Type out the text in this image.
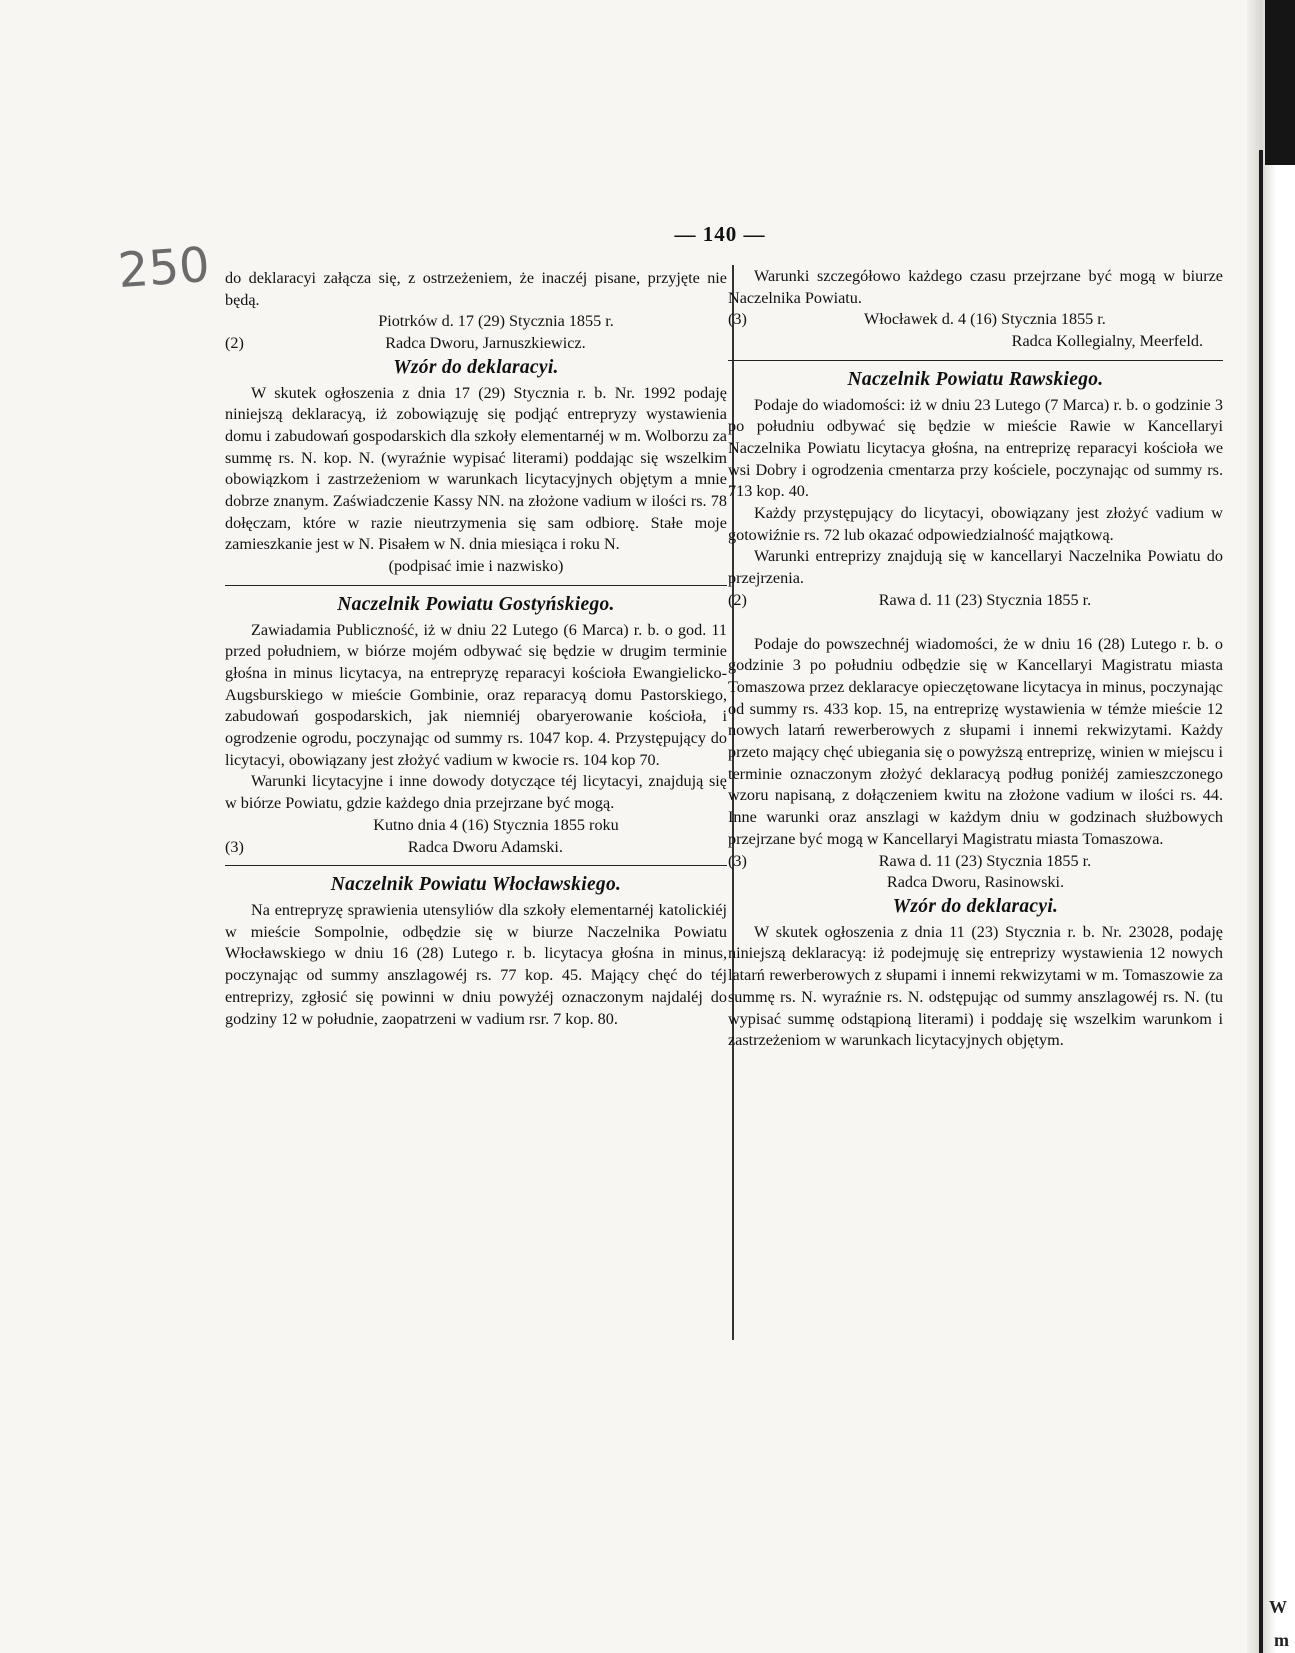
W
m
250
— 140 —

do deklaracyi załącza się, z ostrzeżeniem, że inaczéj pisane, przyjęte nie będą.

Piotrków d. 17 (29) Stycznia 1855 r.
(2)	Radca Dworu, Jarnuszkiewicz.
Wzór do deklaracyi.

W skutek ogłoszenia z dnia 17 (29) Stycznia r. b. Nr. 1992 podaję niniejszą deklaracyą, iż zobowiązuję się podjąć entrepryzy wystawienia domu i zabudowań gospodarskich dla szkoły elementarnéj w m. Wolborzu za summę rs. N. kop. N. (wyraźnie wypisać literami) poddając się wszelkim obowiązkom i zastrzeżeniom w warunkach licytacyjnych objętym a mnie dobrze znanym. Zaświadczenie Kassy NN. na złożone vadium w ilości rs. 78 dołęczam, które w razie nieutrzymenia się sam odbiorę. Stałe moje zamieszkanie jest w N. Pisałem w N. dnia miesiąca i roku N.

(podpisać imie i nazwisko)
Naczelnik Powiatu Gostyńskiego.

Zawiadamia Publiczność, iż w dniu 22 Lutego (6 Marca) r. b. o god. 11 przed południem, w biórze mojém odbywać się będzie w drugim terminie głośna in minus licytacya, na entrepryzę reparacyi kościoła Ewangielicko-Augsburskiego w mieście Gombinie, oraz reparacyą domu Pastorskiego, zabudowań gospodarskich, jak niemniéj obaryerowanie kościoła, i ogrodzenie ogrodu, poczynając od summy rs. 1047 kop. 4. Przystępujący do licytacyi, obowiązany jest złożyć vadium w kwocie rs. 104 kop 70.

Warunki licytacyjne i inne dowody dotyczące téj licytacyi, znajdują się w biórze Powiatu, gdzie każdego dnia przejrzane być mogą.

Kutno dnia 4 (16) Stycznia 1855 roku
(3)	Radca Dworu Adamski.
Naczelnik Powiatu Włocławskiego.

Na entrepryzę sprawienia utensyliów dla szkoły elementarnéj katolickiéj w mieście Sompolnie, odbędzie się w biurze Naczelnika Powiatu Włocławskiego w dniu 16 (28) Lutego r. b. licytacya głośna in minus, poczynając od summy anszlagowéj rs. 77 kop. 45. Mający chęć do téj entreprizy, zgłosić się powinni w dniu powyżéj oznaczonym najdaléj do godziny 12 w południe, zaopatrzeni w vadium rsr. 7 kop. 80.

Warunki szczegółowo każdego czasu przejrzane być mogą w biurze Naczelnika Powiatu.

(3)	Włocławek d. 4 (16) Stycznia 1855 r.
Radca Kollegialny, Meerfeld.
Naczelnik Powiatu Rawskiego.

Podaje do wiadomości: iż w dniu 23 Lutego (7 Marca) r. b. o godzinie 3 po południu odbywać się będzie w mieście Rawie w Kancellaryi Naczelnika Powiatu licytacya głośna, na entreprizę reparacyi kościoła we wsi Dobry i ogrodzenia cmentarza przy kościele, poczynając od summy rs. 713 kop. 40.

Każdy przystępujący do licytacyi, obowiązany jest złożyć vadium w gotowiźnie rs. 72 lub okazać odpowiedzialność majątkową.

Warunki entreprizy znajdują się w kancellaryi Naczelnika Powiatu do przejrzenia.

(2)	Rawa d. 11 (23) Stycznia 1855 r.

Podaje do powszechnéj wiadomości, że w dniu 16 (28) Lutego r. b. o godzinie 3 po południu odbędzie się w Kancellaryi Magistratu miasta Tomaszowa przez deklaracye opieczętowane licytacya in minus, poczynając od summy rs. 433 kop. 15, na entreprizę wystawienia w témże mieście 12 nowych latarń rewerberowych z słupami i innemi rekwizytami. Każdy przeto mający chęć ubiegania się o powyższą entreprizę, winien w miejscu i terminie oznaczonym złożyć deklaracyą podług poniżéj zamieszczonego wzoru napisaną, z dołączeniem kwitu na złożone vadium w ilości rs. 44. Inne warunki oraz anszlagi w każdym dniu w godzinach służbowych przejrzane być mogą w Kancellaryi Magistratu miasta Tomaszowa.

(3)	Rawa d. 11 (23) Stycznia 1855 r.
Radca Dworu, Rasinowski.
Wzór do deklaracyi.

W skutek ogłoszenia z dnia 11 (23) Stycznia r. b. Nr. 23028, podaję niniejszą deklaracyą: iż podejmuję się entreprizy wystawienia 12 nowych latarń rewerberowych z słupami i innemi rekwizytami w m. Tomaszowie za summę rs. N. wyraźnie rs. N. odstępując od summy anszlagowéj rs. N. (tu wypisać summę odstąpioną literami) i poddaję się wszelkim warunkom i zastrzeżeniom w warunkach licytacyjnych objętym.
